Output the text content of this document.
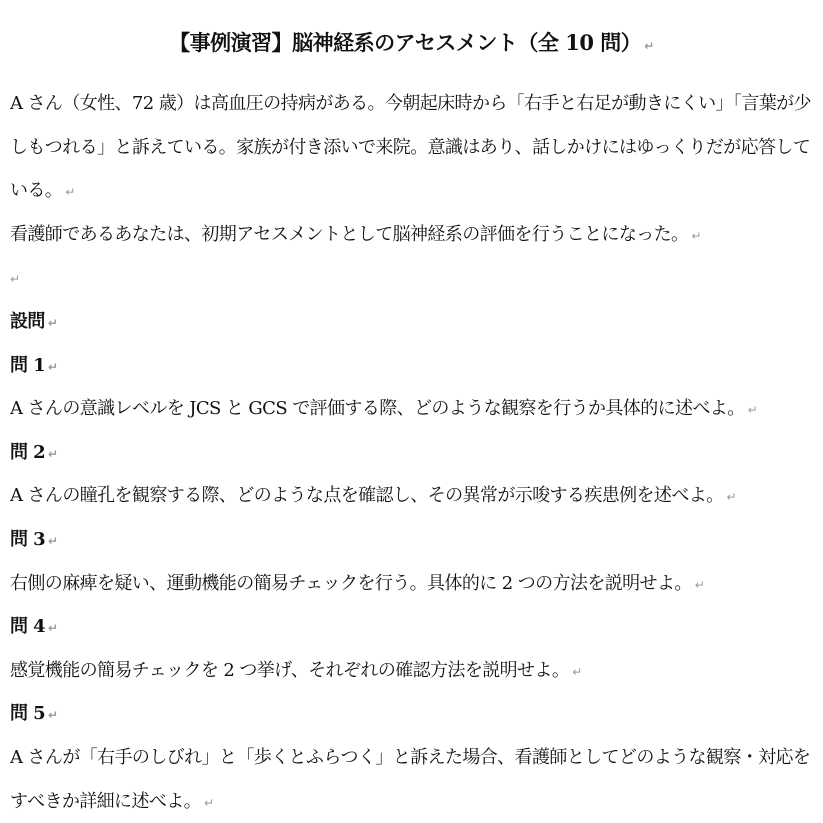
【事例演習】脳神経系のアセスメント（全 10 問） ↵
A さん（女性、72 歳）は高血圧の持病がある。今朝起床時から「右手と右足が動きにくい」「言葉が少
しもつれる」と訴えている。家族が付き添いで来院。意識はあり、話しかけにはゆっくりだが応答して
いる。 ↵
看護師であるあなたは、初期アセスメントとして脳神経系の評価を行うことになった。 ↵
↵
設問 ↵
問 1 ↵
A さんの意識レベルを JCS と GCS で評価する際、どのような観察を行うか具体的に述べよ。 ↵
問 2 ↵
A さんの瞳孔を観察する際、どのような点を確認し、その異常が示唆する疾患例を述べよ。 ↵
問 3 ↵
右側の麻痺を疑い、運動機能の簡易チェックを行う。具体的に 2 つの方法を説明せよ。 ↵
問 4 ↵
感覚機能の簡易チェックを 2 つ挙げ、それぞれの確認方法を説明せよ。 ↵
問 5 ↵
A さんが「右手のしびれ」と「歩くとふらつく」と訴えた場合、看護師としてどのような観察・対応を
すべきか詳細に述べよ。 ↵
